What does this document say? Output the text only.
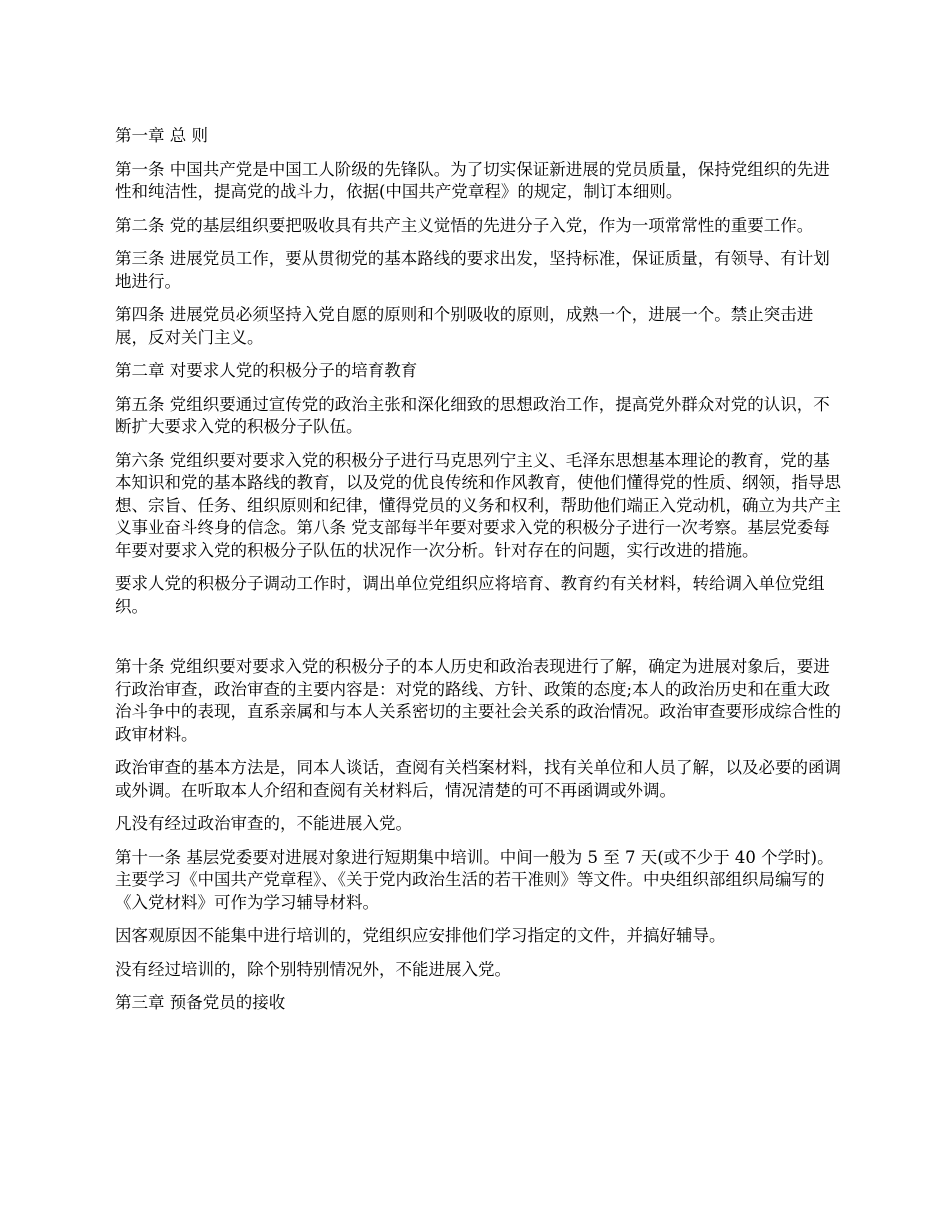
第一章 总 则

第一条 中国共产党是中国工人阶级的先锋队。为了切实保证新进展的党员质量，保持党组织的先进性和纯洁性，提高党的战斗力，依据(中国共产党章程》的规定，制订本细则。

第二条 党的基层组织要把吸收具有共产主义觉悟的先进分子入党，作为一项常常性的重要工作。

第三条 进展党员工作，要从贯彻党的基本路线的要求出发，坚持标准，保证质量，有领导、有计划地进行。

第四条 进展党员必须坚持入党自愿的原则和个别吸收的原则，成熟一个，进展一个。禁止突击进展，反对关门主义。

第二章 对要求人党的积极分子的培育教育

第五条 党组织要通过宣传党的政治主张和深化细致的思想政治工作，提高党外群众对党的认识，不断扩大要求入党的积极分子队伍。

第六条 党组织要对要求入党的积极分子进行马克思列宁主义、毛泽东思想基本理论的教育，党的基本知识和党的基本路线的教育，以及党的优良传统和作风教育，使他们懂得党的性质、纲领，指导思想、宗旨、任务、组织原则和纪律，懂得党员的义务和权利，帮助他们端正入党动机，确立为共产主义事业奋斗终身的信念。第八条 党支部每半年要对要求入党的积极分子进行一次考察。基层党委每年要对要求入党的积极分子队伍的状况作一次分析。针对存在的问题，实行改进的措施。

要求人党的积极分子调动工作时，调出单位党组织应将培育、教育约有关材料，转给调入单位党组织。

第十条 党组织要对要求入党的积极分子的本人历史和政治表现进行了解，确定为进展对象后，要进行政治审查，政治审查的主要内容是：对党的路线、方针、政策的态度;本人的政治历史和在重大政治斗争中的表现，直系亲属和与本人关系密切的主要社会关系的政治情况。政治审查要形成综合性的政审材料。

政治审查的基本方法是，同本人谈话，查阅有关档案材料，找有关单位和人员了解，以及必要的函调或外调。在听取本人介绍和查阅有关材料后，情况清楚的可不再函调或外调。

凡没有经过政治审查的，不能进展入党。

第十一条 基层党委要对进展对象进行短期集中培训。中间一般为 5 至 7 天(或不少于 40 个学时)。主要学习《中国共产党章程》、《关于党内政治生活的若干准则》等文件。中央组织部组织局编写的《入党材料》可作为学习辅导材料。

因客观原因不能集中进行培训的，党组织应安排他们学习指定的文件，并搞好辅导。

没有经过培训的，除个别特别情况外，不能进展入党。

第三章 预备党员的接收
